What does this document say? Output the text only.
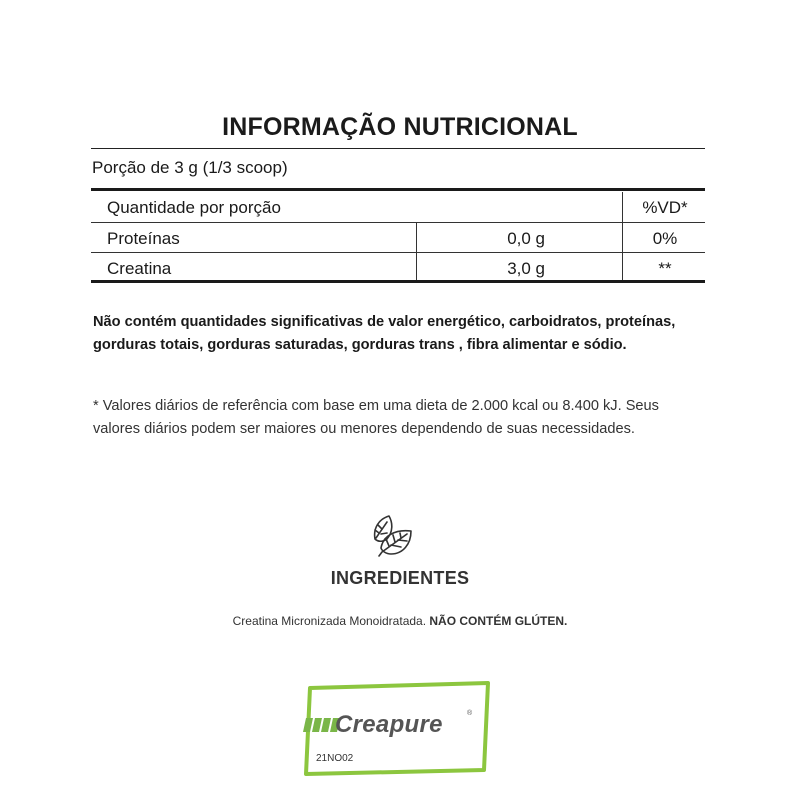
INFORMAÇÃO NUTRICIONAL
Porção de 3 g (1/3 scoop)
Quantidade por porção	%VD*
Proteínas	0,0 g	0%
Creatina	3,0 g	**
Não contém quantidades significativas de valor energético, carboidratos, proteínas, gorduras totais, gorduras saturadas, gorduras trans , fibra alimentar e sódio.
* Valores diários de referência com base em uma dieta de 2.000 kcal ou 8.400 kJ. Seus valores diários podem ser maiores ou menores dependendo de suas necessidades.
INGREDIENTES
Creatina Micronizada Monoidratada. NÃO CONTÉM GLÚTEN.
Creapure	®
21NO02
